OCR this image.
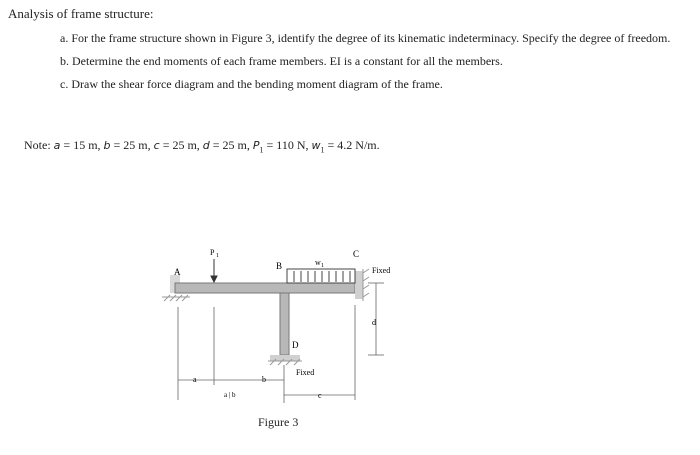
Analysis of frame structure:
a. For the frame structure shown in Figure 3, identify the degree of its kinematic indeterminacy. Specify the degree of freedom.
b. Determine the end moments of each frame members. EI is a constant for all the members.
c. Draw the shear force diagram and the bending moment diagram of the frame.
Note: a = 15 m, b = 25 m, c = 25 m, d = 25 m, $P_1 = 110$ N, $w_1 = 4.2$ N/m.
A
B
C
D
P 1
w 1	Fixed
Fixed
a	b
c
d
a | b
Figure 3
